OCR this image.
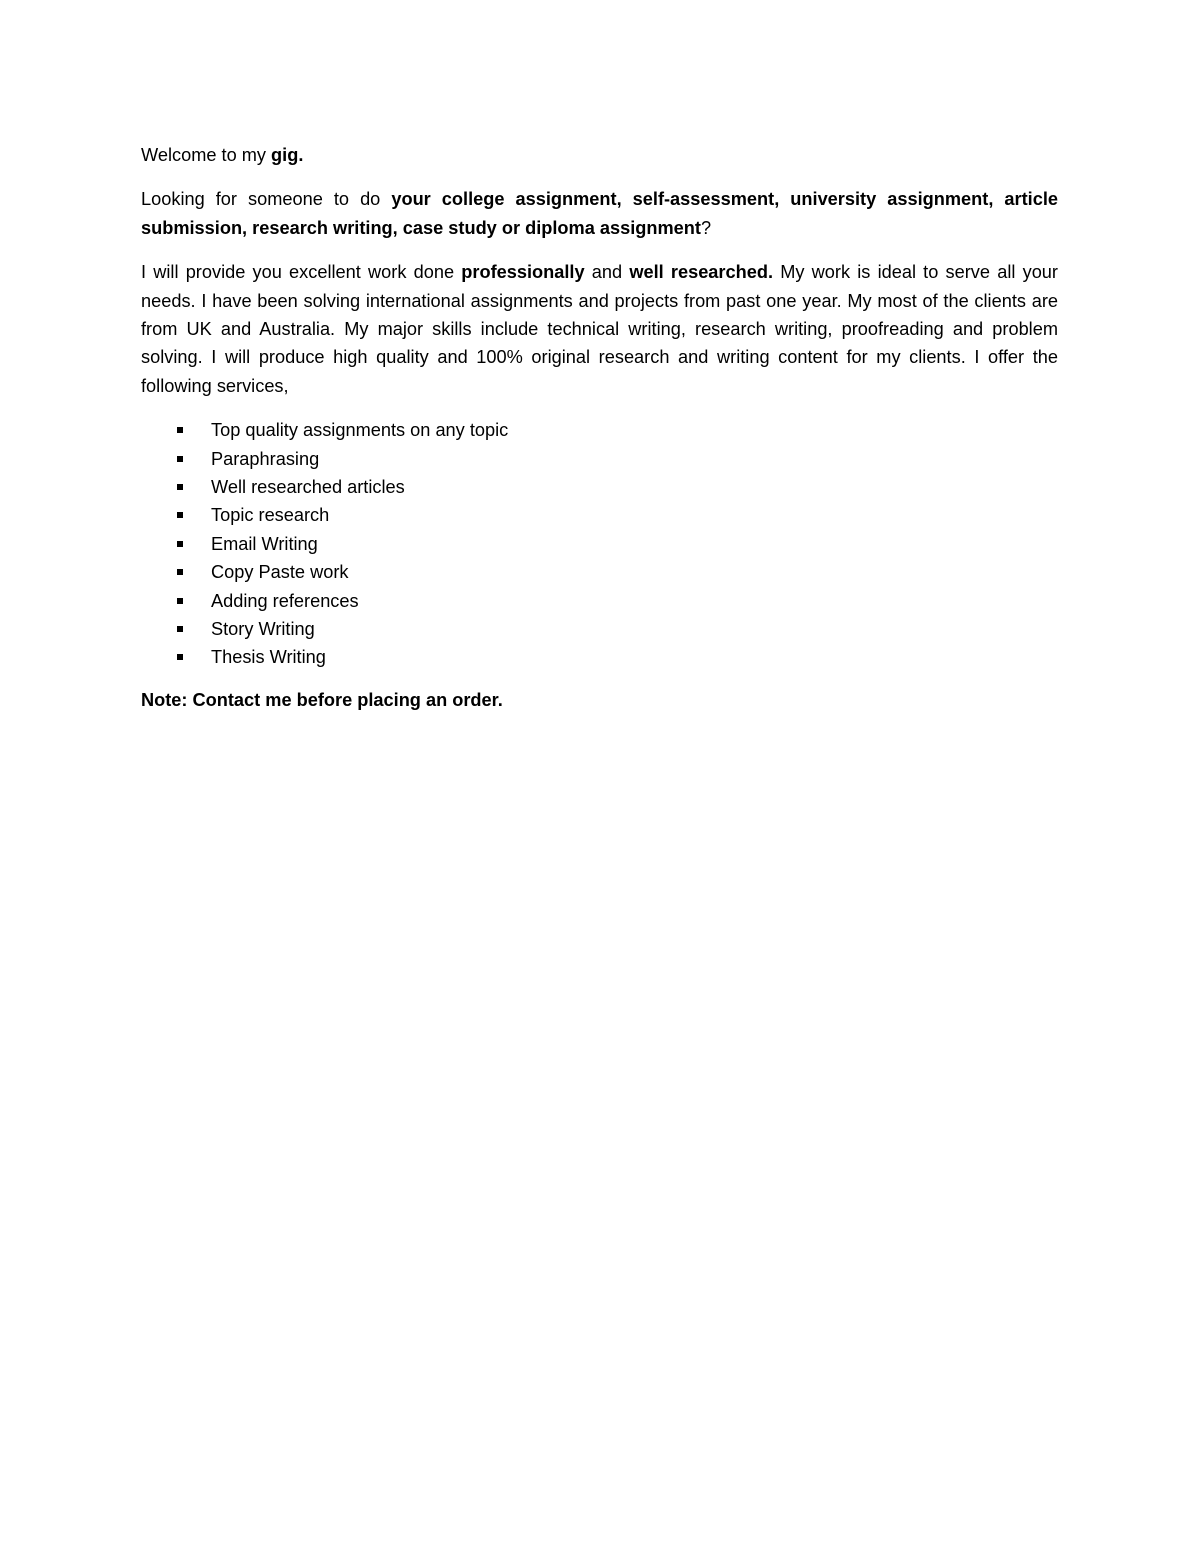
Welcome to my gig.

Looking for someone to do your college assignment, self-assessment, university assignment, article submission, research writing, case study or diploma assignment?

I will provide you excellent work done professionally and well researched. My work is ideal to serve all your needs. I have been solving international assignments and projects from past one year. My most of the clients are from UK and Australia. My major skills include technical writing, research writing, proofreading and problem solving. I will produce high quality and 100% original research and writing content for my clients. I offer the following services,

Top quality assignments on any topic
Paraphrasing
Well researched articles
Topic research
Email Writing
Copy Paste work
Adding references
Story Writing
Thesis Writing

Note: Contact me before placing an order.
